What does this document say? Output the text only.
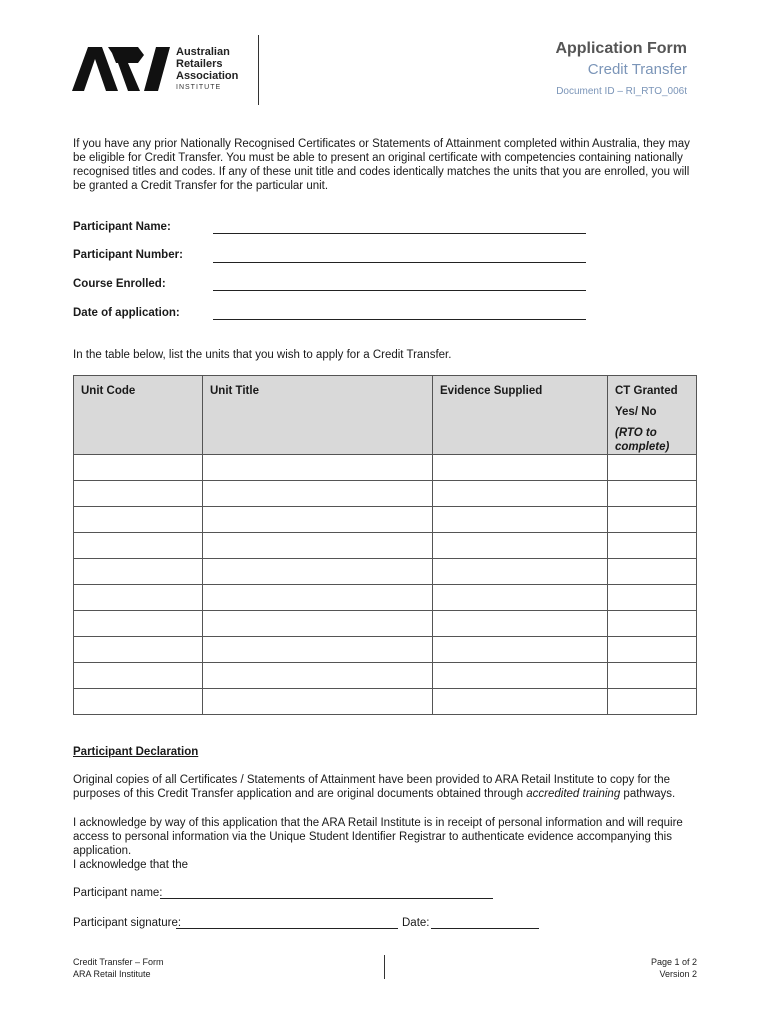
Australian
Retailers
Association
INSTITUTE
Application Form
Credit Transfer
Document ID – RI_RTO_006t
If you have any prior Nationally Recognised Certificates or Statements of Attainment completed within Australia, they may be eligible for Credit Transfer. You must be able to present an original certificate with competencies containing nationally recognised titles and codes. If any of these unit title and codes identically matches the units that you are enrolled, you will be granted a Credit Transfer for the particular unit.
Participant Name:
Participant Number:
Course Enrolled:
Date of application:
In the table below, list the units that you wish to apply for a Credit Transfer.
Unit Code	Unit Title	Evidence Supplied	CT Granted
Yes/ No
(RTO to complete)

Participant Declaration
Original copies of all Certificates / Statements of Attainment have been provided to ARA Retail Institute to copy for the purposes of this Credit Transfer application and are original documents obtained through accredited training pathways.
I acknowledge by way of this application that the ARA Retail Institute is in receipt of personal information and will require access to personal information via the Unique Student Identifier Registrar to authenticate evidence accompanying this application.
I acknowledge that the
Participant name:
Participant signature:	Date:
Credit Transfer – Form
ARA Retail Institute
Page 1 of 2
Version 2
